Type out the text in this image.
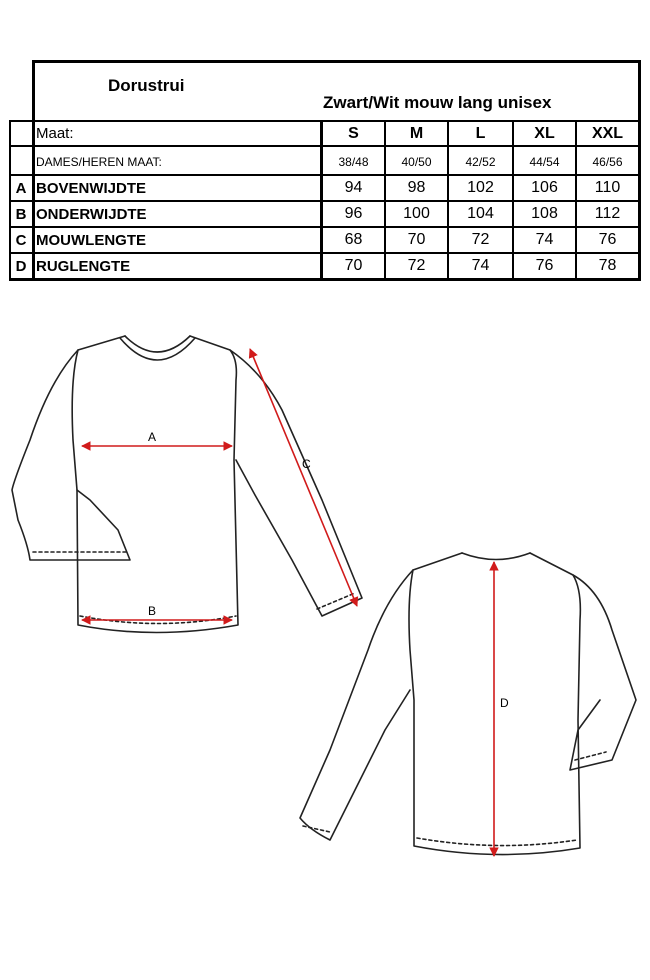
Dorustrui
Zwart/Wit mouw lang unisex
Maat:	S	M	L	XL	XXL
DAMES/HEREN MAAT:	38/48	40/50	42/52	44/54	46/56
A BOVENWIJDTE	94	98	102	106	110
B ONDERWIJDTE	96	100	104	108	112
C MOUWLENGTE	68	70	72	74	76
D RUGLENGTE	70	72	74	76	78
A
B
C
D
